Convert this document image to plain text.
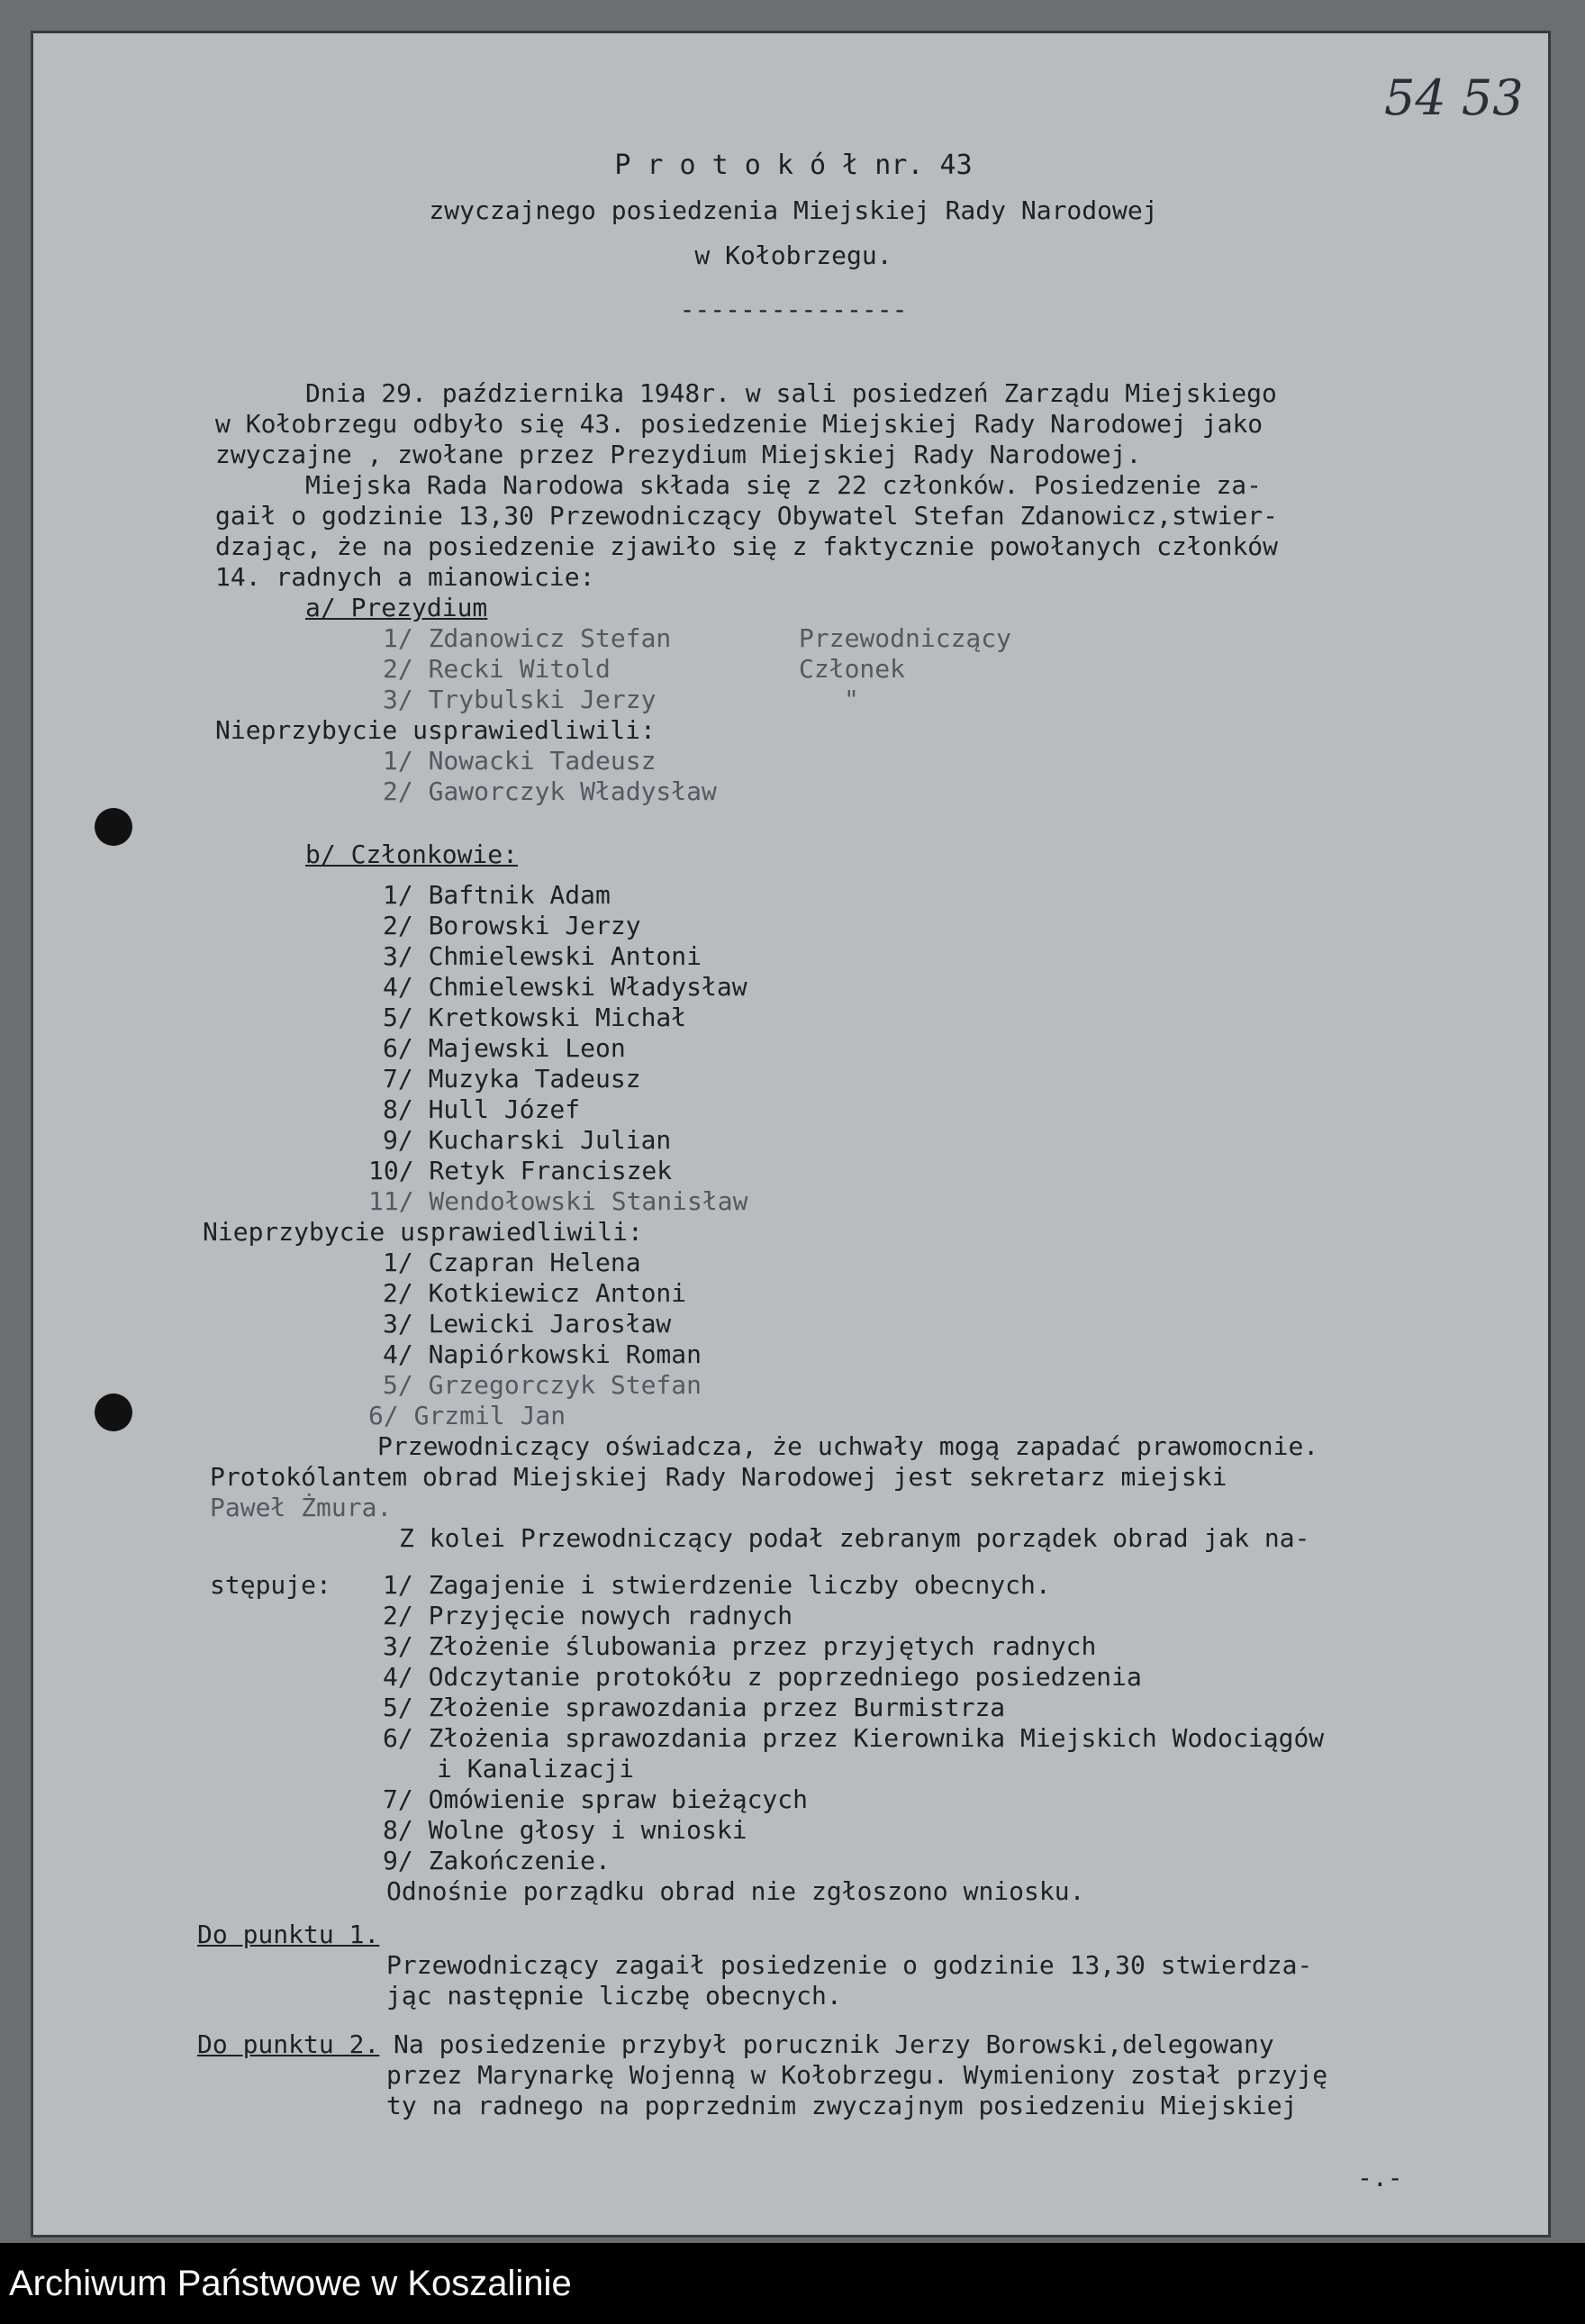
54 53

P r o t o k ó ł nr. 43

zwyczajnego posiedzenia Miejskiej Rady Narodowej

w Kołobrzegu.

---------------

Dnia 29. października 1948r. w sali posiedzeń Zarządu Miejskiego

w Kołobrzegu odbyło się 43. posiedzenie Miejskiej Rady Narodowej jako

zwyczajne , zwołane przez Prezydium Miejskiej Rady Narodowej.

Miejska Rada Narodowa składa się z 22 członków. Posiedzenie za-

gaił o godzinie 13,30 Przewodniczący Obywatel Stefan Zdanowicz,stwier-

dzając, że na posiedzenie zjawiło się z faktycznie powołanych członków

14. radnych a mianowicie:

a/ Prezydium

1/ Zdanowicz Stefan	Przewodniczący

2/ Recki Witold	Członek

3/ Trybulski Jerzy	"

Nieprzybycie usprawiedliwili:

1/ Nowacki Tadeusz

2/ Gaworczyk Władysław

b/ Członkowie:

1/ Baftnik Adam

2/ Borowski Jerzy

3/ Chmielewski Antoni

4/ Chmielewski Władysław

5/ Kretkowski Michał

6/ Majewski Leon

7/ Muzyka Tadeusz

8/ Hull Józef

9/ Kucharski Julian

10/ Retyk Franciszek

11/ Wendołowski Stanisław

Nieprzybycie usprawiedliwili:

1/ Czapran Helena

2/ Kotkiewicz Antoni

3/ Lewicki Jarosław

4/ Napiórkowski Roman

5/ Grzegorczyk Stefan

6/ Grzmil Jan

Przewodniczący oświadcza, że uchwały mogą zapadać prawomocnie.

Protokólantem obrad Miejskiej Rady Narodowej jest sekretarz miejski

Paweł Żmura.

Z kolei Przewodniczący podał zebranym porządek obrad jak na-

stępuje: 1/ Zagajenie i stwierdzenie liczby obecnych.

2/ Przyjęcie nowych radnych

3/ Złożenie ślubowania przez przyjętych radnych

4/ Odczytanie protokółu z poprzedniego posiedzenia

5/ Złożenie sprawozdania przez Burmistrza

6/ Złożenia sprawozdania przez Kierownika Miejskich Wodociągów

i Kanalizacji

7/ Omówienie spraw bieżących

8/ Wolne głosy i wnioski

9/ Zakończenie.

Odnośnie porządku obrad nie zgłoszono wniosku.

Do punktu 1.

Przewodniczący zagaił posiedzenie o godzinie 13,30 stwierdza-

jąc następnie liczbę obecnych.

Do punktu 2. Na posiedzenie przybył porucznik Jerzy Borowski,delegowany

przez Marynarkę Wojenną w Kołobrzegu. Wymieniony został przyję

ty na radnego na poprzednim zwyczajnym posiedzeniu Miejskiej

-.-

Archiwum Państwowe w Koszalinie
